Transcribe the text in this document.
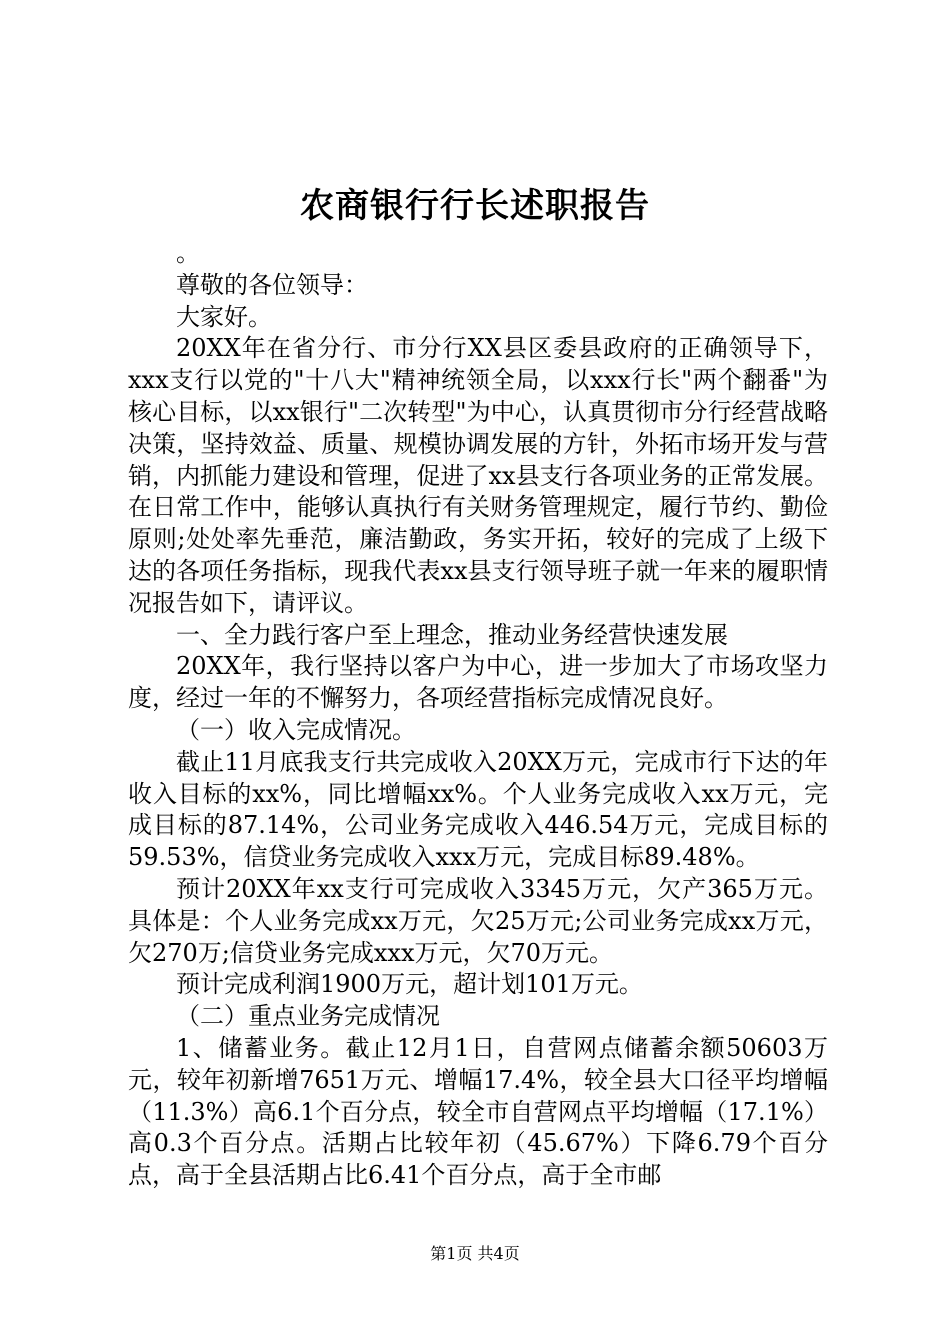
农商银行行长述职报告

。

尊敬的各位领导：

大家好。

20XX年在省分行、市分行XX县区委县政府的正确领导下，xxx支行以党的"十八大"精神统领全局，以xxx行长"两个翻番"为核心目标，以xx银行"二次转型"为中心，认真贯彻市分行经营战略决策，坚持效益、质量、规模协调发展的方针，外拓市场开发与营销，内抓能力建设和管理，促进了xx县支行各项业务的正常发展。在日常工作中，能够认真执行有关财务管理规定，履行节约、勤俭原则;处处率先垂范，廉洁勤政，务实开拓，较好的完成了上级下达的各项任务指标，现我代表xx县支行领导班子就一年来的履职情况报告如下，请评议。

一、全力践行客户至上理念，推动业务经营快速发展

20XX年，我行坚持以客户为中心，进一步加大了市场攻坚力度，经过一年的不懈努力，各项经营指标完成情况良好。

（一）收入完成情况。

截止11月底我支行共完成收入20XX万元，完成市行下达的年收入目标的xx%，同比增幅xx%。个人业务完成收入xx万元，完成目标的87.14%，公司业务完成收入446.54万元，完成目标的59.53%，信贷业务完成收入xxx万元，完成目标89.48%。

预计20XX年xx支行可完成收入3345万元，欠产365万元。具体是：个人业务完成xx万元，欠25万元;公司业务完成xx万元，欠270万;信贷业务完成xxx万元，欠70万元。

预计完成利润1900万元，超计划101万元。

（二）重点业务完成情况

1、储蓄业务。截止12月1日，自营网点储蓄余额50603万元，较年初新增7651万元、增幅17.4%，较全县大口径平均增幅（11.3%）高6.1个百分点，较全市自营网点平均增幅（17.1%）高0.3个百分点。活期占比较年初（45.67%）下降6.79个百分点，高于全县活期占比6.41个百分点，高于全市邮

第1页 共4页
